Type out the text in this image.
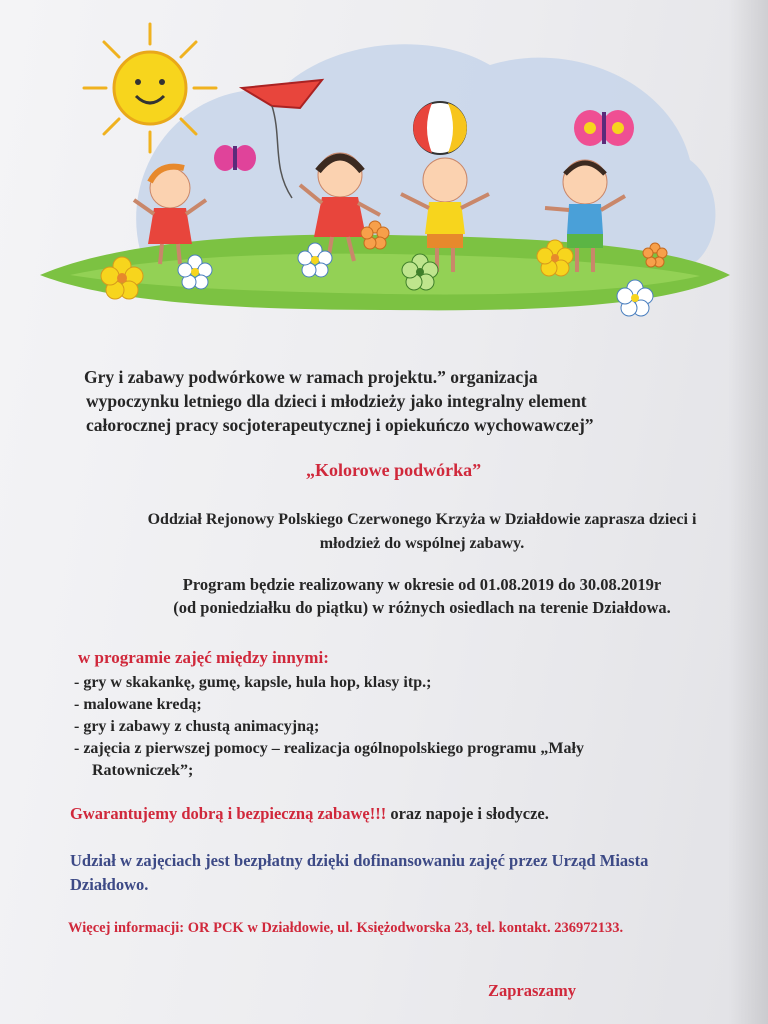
Gry i zabawy podwórkowe w ramach projektu.” organizacja
wypoczynku letniego dla dzieci i młodzieży jako integralny element
całorocznej pracy socjoterapeutycznej i opiekuńczo wychowawczej”
„Kolorowe podwórka”
Oddział Rejonowy Polskiego Czerwonego Krzyża w Działdowie zaprasza dzieci i
młodzież do wspólnej zabawy.
Program będzie realizowany w okresie od 01.08.2019 do 30.08.2019r
(od poniedziałku do piątku) w różnych osiedlach na terenie Działdowa.
w programie zajęć między innymi:
- gry w skakankę, gumę, kapsle, hula hop, klasy itp.;
- malowane kredą;
- gry i zabawy z chustą animacyjną;
- zajęcia z pierwszej pomocy – realizacja ogólnopolskiego programu „Mały
Ratowniczek”;
Gwarantujemy dobrą i bezpieczną zabawę!!! oraz napoje i słodycze.
Udział w zajęciach jest bezpłatny dzięki dofinansowaniu zajęć przez Urząd Miasta
Działdowo.
Więcej informacji: OR PCK w Działdowie, ul. Księżodworska 23, tel. kontakt. 236972133.
Zapraszamy
